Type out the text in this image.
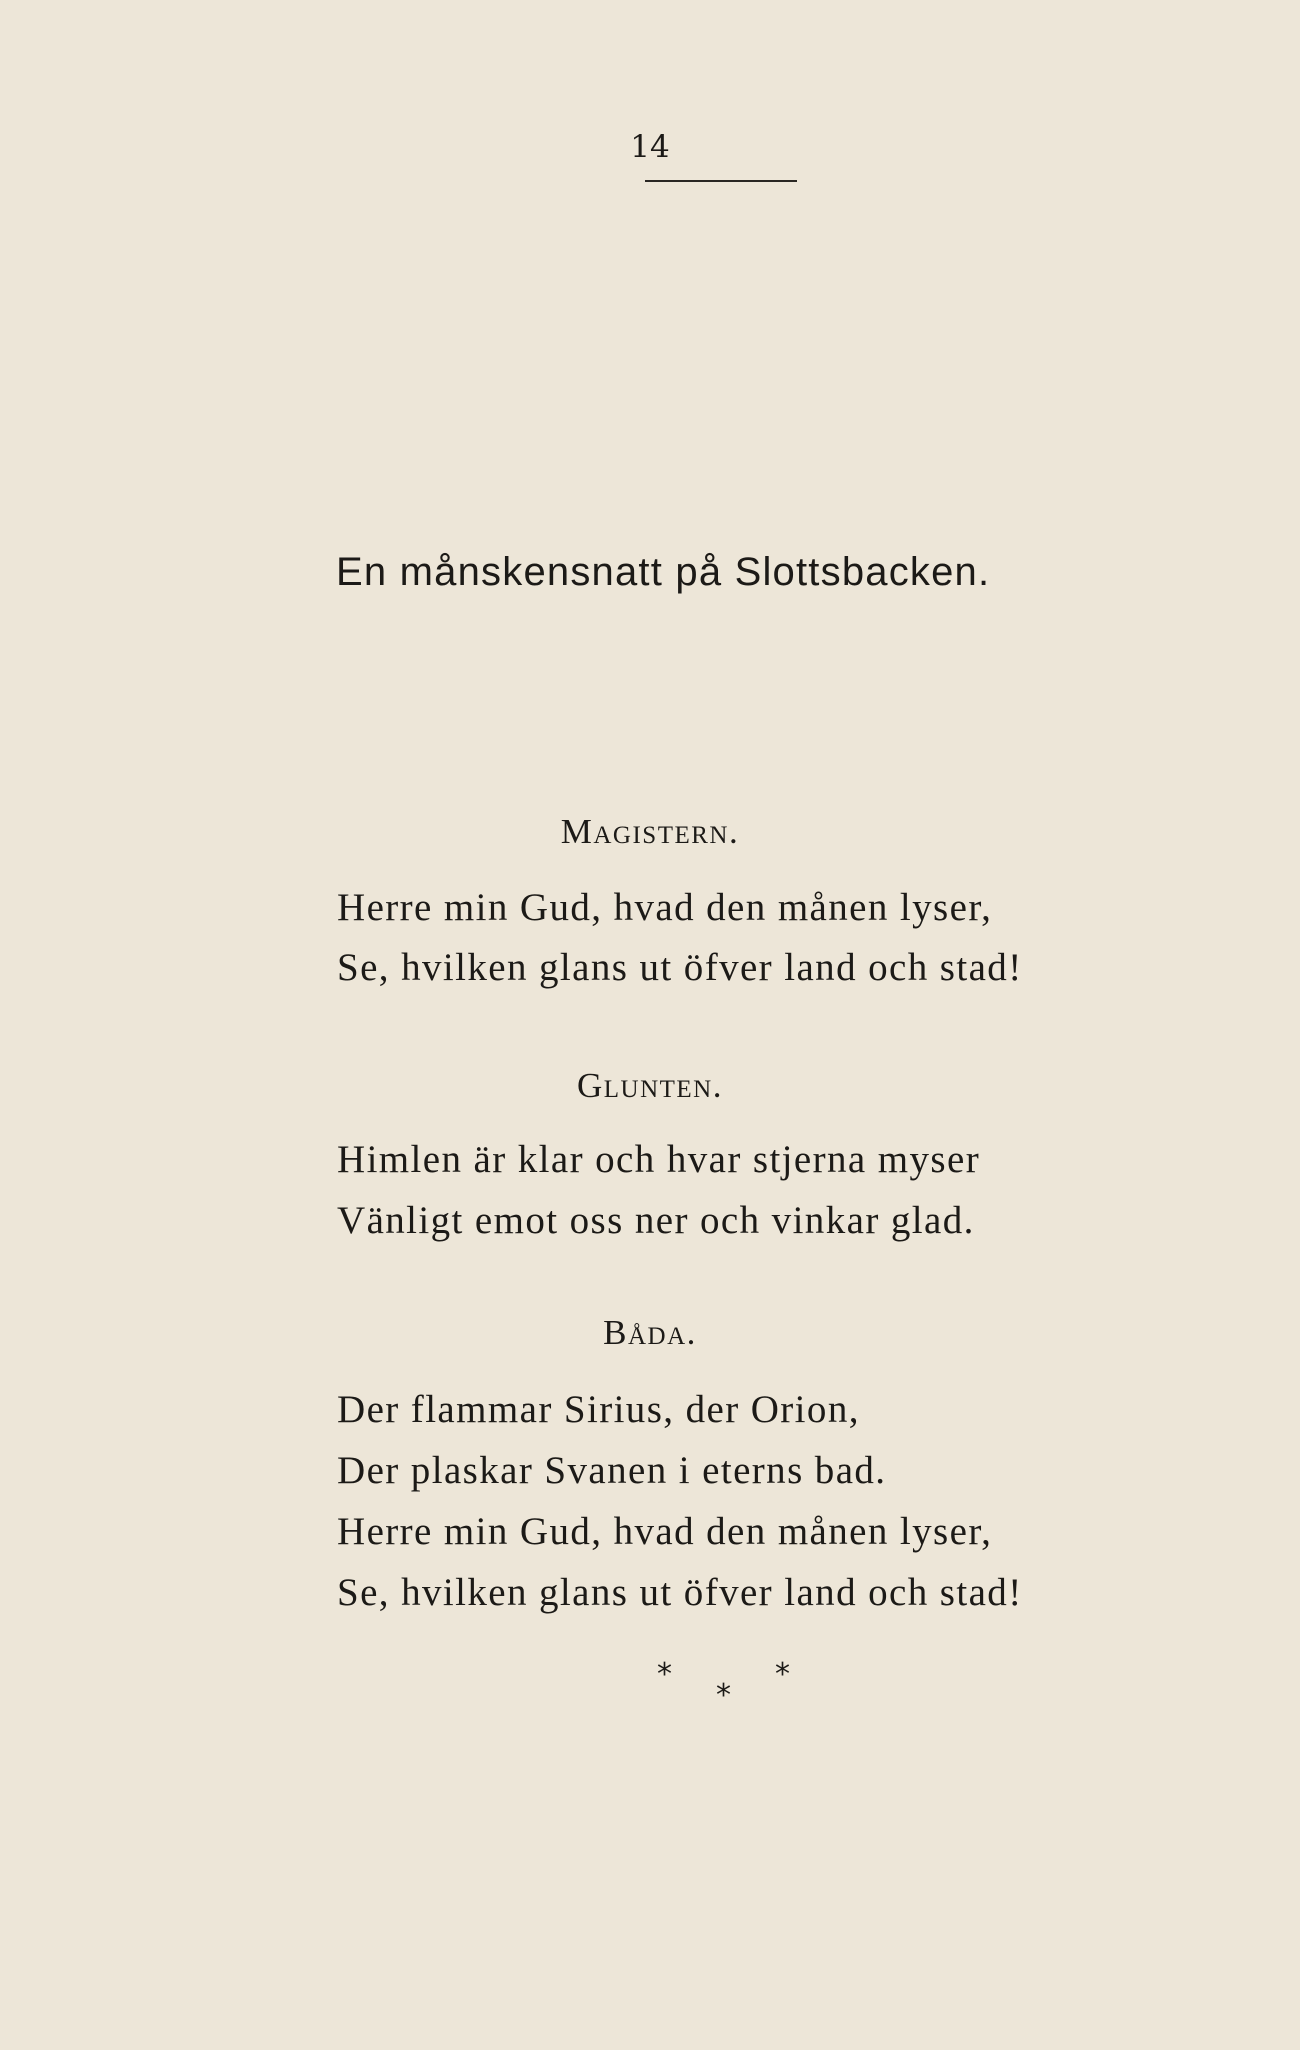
14
En månskensnatt på Slottsbacken.
Magistern.
Herre min Gud, hvad den månen lyser,
Se, hvilken glans ut öfver land och stad!
Glunten.
Himlen är klar och hvar stjerna myser
Vänligt emot oss ner och vinkar glad.
Båda.
Der flammar Sirius, der Orion,
Der plaskar Svanen i eterns bad.
Herre min Gud, hvad den månen lyser,
Se, hvilken glans ut öfver land och stad!
*
*
*
